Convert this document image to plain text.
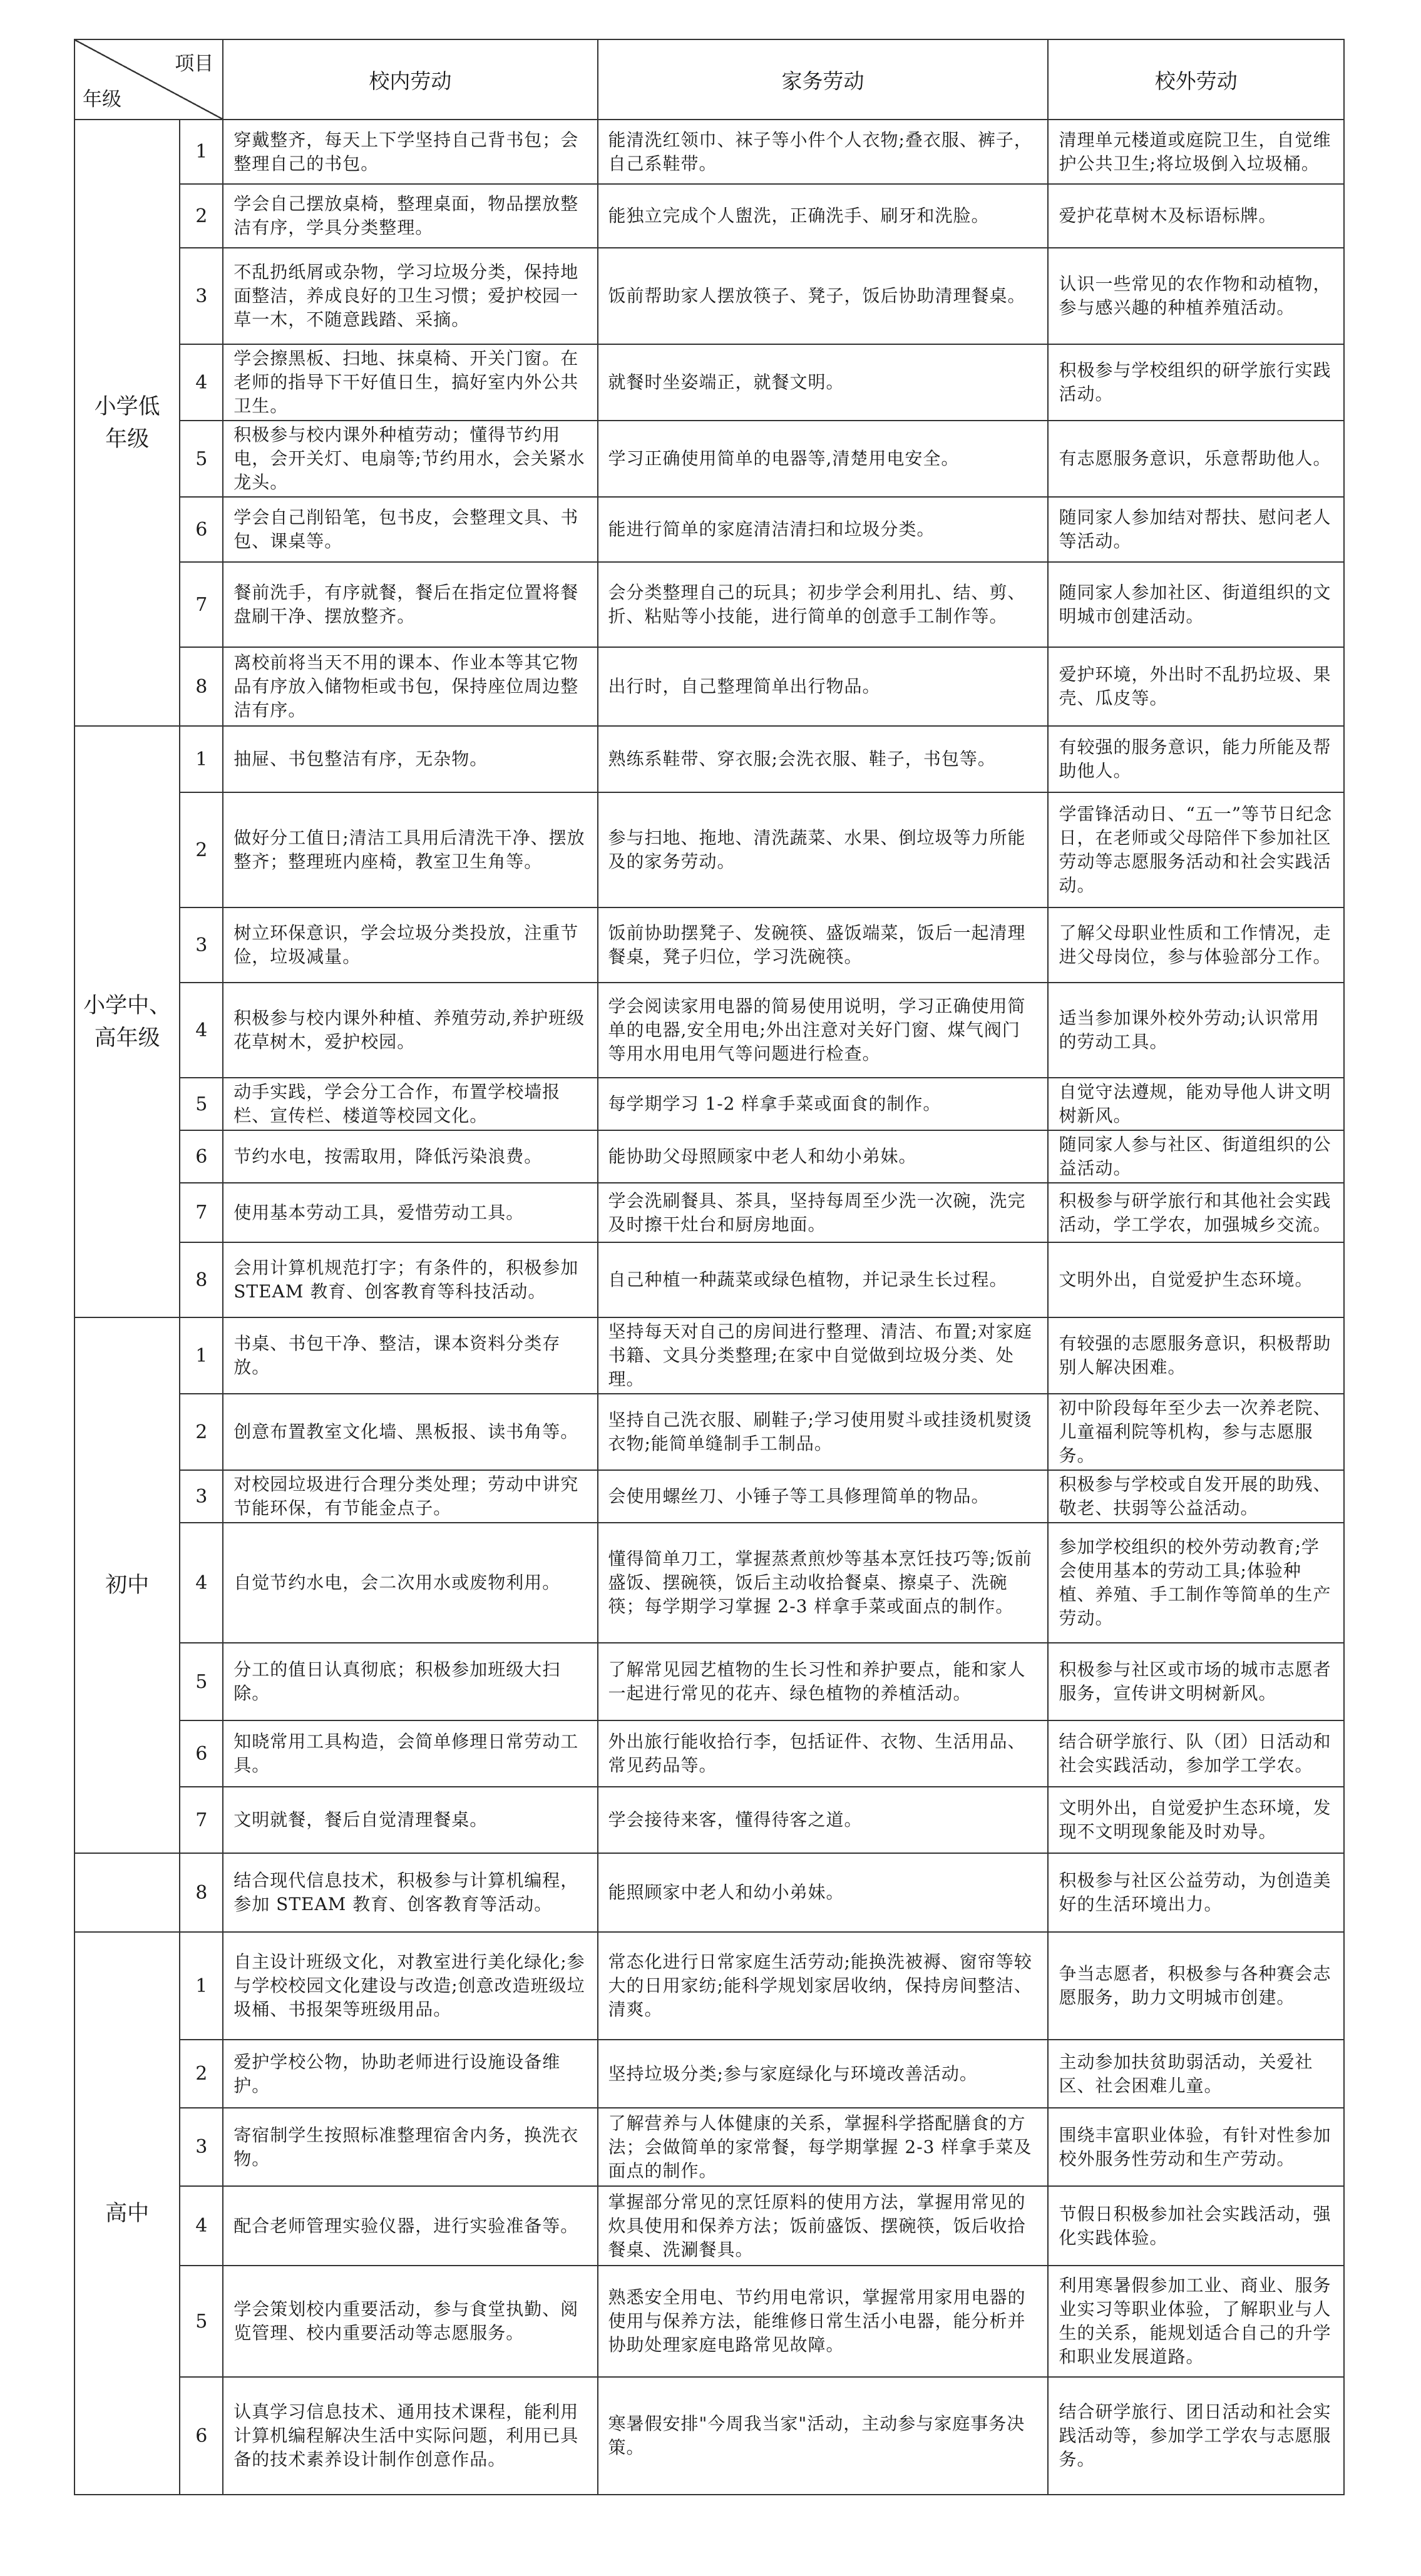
项目
年级		校内劳动	家务劳动	校外劳动
小学低
年级	1	穿戴整齐，每天上下学坚持自己背书包；会整理自己的书包。	能清洗红领巾、袜子等小件个人衣物;叠衣服、裤子，自己系鞋带。	清理单元楼道或庭院卫生，自觉维护公共卫生;将垃圾倒入垃圾桶。
	2	学会自己摆放桌椅，整理桌面，物品摆放整洁有序，学具分类整理。	能独立完成个人盥洗，正确洗手、刷牙和洗脸。	爱护花草树木及标语标牌。
	3	不乱扔纸屑或杂物，学习垃圾分类，保持地面整洁，养成良好的卫生习惯；爱护校园一草一木，不随意践踏、采摘。	饭前帮助家人摆放筷子、凳子，饭后协助清理餐桌。	认识一些常见的农作物和动植物，参与感兴趣的种植养殖活动。
	4	学会擦黑板、扫地、抹桌椅、开关门窗。在老师的指导下干好值日生，搞好室内外公共卫生。	就餐时坐姿端正，就餐文明。	积极参与学校组织的研学旅行实践活动。
	5	积极参与校内课外种植劳动；懂得节约用电，会开关灯、电扇等;节约用水，会关紧水龙头。	学习正确使用简单的电器等,清楚用电安全。	有志愿服务意识，乐意帮助他人。
	6	学会自己削铅笔，包书皮，会整理文具、书包、课桌等。	能进行简单的家庭清洁清扫和垃圾分类。	随同家人参加结对帮扶、慰问老人等活动。
	7	餐前洗手，有序就餐，餐后在指定位置将餐盘刷干净、摆放整齐。	会分类整理自己的玩具；初步学会利用扎、结、剪、折、粘贴等小技能，进行简单的创意手工制作等。	随同家人参加社区、街道组织的文明城市创建活动。
	8	离校前将当天不用的课本、作业本等其它物品有序放入储物柜或书包，保持座位周边整洁有序。	出行时，自己整理简单出行物品。	爱护环境，外出时不乱扔垃圾、果壳、瓜皮等。
小学中、
高年级	1	抽屉、书包整洁有序，无杂物。	熟练系鞋带、穿衣服;会洗衣服、鞋子，书包等。	有较强的服务意识，能力所能及帮助他人。
	2	做好分工值日;清洁工具用后清洗干净、摆放整齐；整理班内座椅，教室卫生角等。	参与扫地、拖地、清洗蔬菜、水果、倒垃圾等力所能及的家务劳动。	学雷锋活动日、“五一”等节日纪念日，在老师或父母陪伴下参加社区劳动等志愿服务活动和社会实践活动。
	3	树立环保意识，学会垃圾分类投放，注重节俭，垃圾减量。	饭前协助摆凳子、发碗筷、盛饭端菜，饭后一起清理餐桌，凳子归位，学习洗碗筷。	了解父母职业性质和工作情况，走进父母岗位，参与体验部分工作。
	4	积极参与校内课外种植、养殖劳动,养护班级花草树木，爱护校园。	学会阅读家用电器的简易使用说明，学习正确使用简单的电器,安全用电;外出注意对关好门窗、煤气阀门等用水用电用气等问题进行检查。	适当参加课外校外劳动;认识常用的劳动工具。
	5	动手实践，学会分工合作，布置学校墙报栏、宣传栏、楼道等校园文化。	每学期学习 1-2 样拿手菜或面食的制作。	自觉守法遵规，能劝导他人讲文明树新风。
	6	节约水电，按需取用，降低污染浪费。	能协助父母照顾家中老人和幼小弟妹。	随同家人参与社区、街道组织的公益活动。
	7	使用基本劳动工具，爱惜劳动工具。	学会洗刷餐具、茶具，坚持每周至少洗一次碗，洗完及时擦干灶台和厨房地面。	积极参与研学旅行和其他社会实践活动，学工学农，加强城乡交流。
	8	会用计算机规范打字；有条件的，积极参加 STEAM 教育、创客教育等科技活动。	自己种植一种蔬菜或绿色植物，并记录生长过程。	文明外出，自觉爱护生态环境。
初中	1	书桌、书包干净、整洁，课本资料分类存放。	坚持每天对自己的房间进行整理、清洁、布置;对家庭书籍、文具分类整理;在家中自觉做到垃圾分类、处理。	有较强的志愿服务意识，积极帮助别人解决困难。
	2	创意布置教室文化墙、黑板报、读书角等。	坚持自己洗衣服、刷鞋子;学习使用熨斗或挂烫机熨烫衣物;能简单缝制手工制品。	初中阶段每年至少去一次养老院、儿童福利院等机构，参与志愿服务。
	3	对校园垃圾进行合理分类处理；劳动中讲究节能环保，有节能金点子。	会使用螺丝刀、小锤子等工具修理简单的物品。	积极参与学校或自发开展的助残、敬老、扶弱等公益活动。
	4	自觉节约水电，会二次用水或废物利用。	懂得简单刀工，掌握蒸煮煎炒等基本烹饪技巧等;饭前盛饭、摆碗筷，饭后主动收拾餐桌、擦桌子、洗碗筷；每学期学习掌握 2-3 样拿手菜或面点的制作。	参加学校组织的校外劳动教育;学会使用基本的劳动工具;体验种植、养殖、手工制作等简单的生产劳动。
	5	分工的值日认真彻底；积极参加班级大扫除。	了解常见园艺植物的生长习性和养护要点，能和家人一起进行常见的花卉、绿色植物的养植活动。	积极参与社区或市场的城市志愿者服务，宣传讲文明树新风。
	6	知晓常用工具构造，会简单修理日常劳动工具。	外出旅行能收拾行李，包括证件、衣物、生活用品、常见药品等。	结合研学旅行、队（团）日活动和社会实践活动，参加学工学农。
	7	文明就餐，餐后自觉清理餐桌。	学会接待来客，懂得待客之道。	文明外出，自觉爱护生态环境，发现不文明现象能及时劝导。
	8	结合现代信息技术，积极参与计算机编程，参加 STEAM 教育、创客教育等活动。	能照顾家中老人和幼小弟妹。	积极参与社区公益劳动，为创造美好的生活环境出力。
高中	1	自主设计班级文化，对教室进行美化绿化;参与学校校园文化建设与改造;创意改造班级垃圾桶、书报架等班级用品。	常态化进行日常家庭生活劳动;能换洗被褥、窗帘等较大的日用家纺;能科学规划家居收纳，保持房间整洁、清爽。	争当志愿者，积极参与各种赛会志愿服务，助力文明城市创建。
	2	爱护学校公物，协助老师进行设施设备维护。	坚持垃圾分类;参与家庭绿化与环境改善活动。	主动参加扶贫助弱活动，关爱社区、社会困难儿童。
	3	寄宿制学生按照标准整理宿舍内务，换洗衣物。	了解营养与人体健康的关系，掌握科学搭配膳食的方法；会做简单的家常餐，每学期掌握 2-3 样拿手菜及面点的制作。	围绕丰富职业体验，有针对性参加校外服务性劳动和生产劳动。
	4	配合老师管理实验仪器，进行实验准备等。	掌握部分常见的烹饪原料的使用方法，掌握用常见的炊具使用和保养方法；饭前盛饭、摆碗筷，饭后收拾餐桌、洗涮餐具。	节假日积极参加社会实践活动，强化实践体验。
	5	学会策划校内重要活动，参与食堂执勤、阅览管理、校内重要活动等志愿服务。	熟悉安全用电、节约用电常识，掌握常用家用电器的使用与保养方法，能维修日常生活小电器，能分析并协助处理家庭电路常见故障。	利用寒暑假参加工业、商业、服务业实习等职业体验，了解职业与人生的关系，能规划适合自己的升学和职业发展道路。
	6	认真学习信息技术、通用技术课程，能利用计算机编程解决生活中实际问题，利用已具备的技术素养设计制作创意作品。	寒暑假安排"今周我当家"活动，主动参与家庭事务决策。	结合研学旅行、团日活动和社会实践活动等，参加学工学农与志愿服务。
